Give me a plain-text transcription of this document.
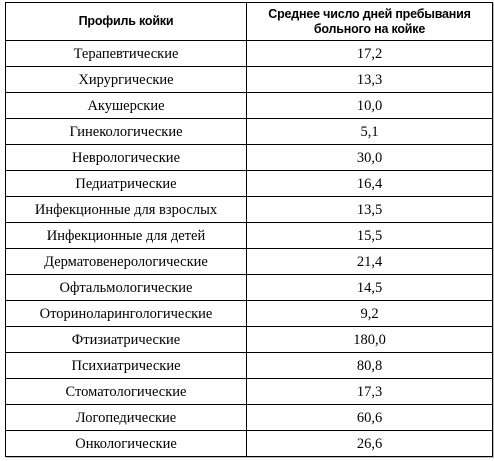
Профиль койки	Среднее число дней пребывания больного на койке
Терапевтические	17,2
Хирургические	13,3
Акушерские	10,0
Гинекологические	5,1
Неврологические	30,0
Педиатрические	16,4
Инфекционные для взрослых	13,5
Инфекционные для детей	15,5
Дерматовенерологические	21,4
Офтальмологические	14,5
Оториноларингологические	9,2
Фтизиатрические	180,0
Психиатрические	80,8
Стоматологические	17,3
Логопедические	60,6
Онкологические	26,6
